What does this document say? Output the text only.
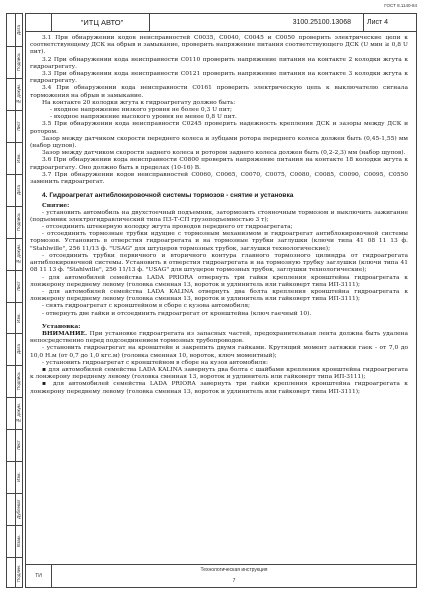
ГОСТ 8.1140-84
Дата
Подпись
№ докум.
Лист
Изм.
Дата
Подпись
№ докум.
Лист
Изм.
Дата
Подпись
№ докум.
Лист
Изм.
Дублекат
Взам.
Подлин.
"ИТЦ АВТО"	3100.25100.13068	Лист 4
ТИ
Технологическая инструкция
7

3.1 При обнаружении кодов неисправностей C0035, C0040, C0045 и C0050 проверить электрические цепи к соответствующему ДСК на обрыв и замыкание, проверить напряжение питания соответствующего ДСК (U мин ≥ 0,8 U пит).

3.2 При обнаружении кода неисправности C0110 проверить напряжение питания на контакте 2 колодки жгута к гидроагрегату.

3.3 При обнаружении кода неисправности C0121 проверить напряжение питания на контакте 3 колодки жгута к гидроагрегату.

3.4 При обнаружении кода неисправности C0161 проверить электрическую цепь к выключателю сигнала торможения на обрыв и замыкание.

На контакте 20 колодки жгута к гидроагрегату должно быть:

- входное напряжение низкого уровня не более 0,3 U пит;

- входное напряжение высокого уровня не менее 0,8 U пит.

3.5 При обнаружении кода неисправности C0245 проверить надежность крепления ДСК и зазоры между ДСК и ротором.

Зазор между датчиком скорости переднего колеса и зубцами ротора переднего колеса должен быть (0,45-1,55) мм (набор щупов).

Зазор между датчиком скорости заднего колеса и ротором заднего колеса должен быть (0,2-2,3) мм (набор щупов).

3.6 При обнаружении кода неисправности C0800 проверить напряжение питания на контакте 18 колодки жгута к гидроагрегату. Оно должно быть в пределах (10-16) В.

3.7 При обнаружении кодов неисправностей C0060, C0065, C0070, C0075, C0080, C0085, C0090, C0095, C0550 заменить гидроагрегат.

4. Гидроагрегат антиблокировочной системы тормозов - снятие и установка

Снятие:

- установить автомобиль на двухстоечный подъемник, затормозить стояночным тормозом и выключить зажигание (подъемник электрогидравлический типа П3-Т-СП грузоподъемностью 3 т);

- отсоединить штекерную колодку жгута проводов переднего от гидроагрегата;

- отсоединить тормозные трубки идущие с тормозным механизмом и гидроагрегат антиблокировочной системы тормозов. Установить в отверстия гидроагрегата и на тормозные трубки заглушки (ключи типа 41 08 11 13 ф. "Stahlwille", 256 11/13 ф. "USAG" для штуцеров тормозных трубок, заглушки технологические);

- отсоединить трубки первичного и вторичного контура главного тормозного цилиндра от гидроагрегата антиблокировочной системы. Установить в отверстия гидроагрегата и на тормозную трубку заглушки (ключи типа 41 08 11 13 ф. "Stahlwille", 256 11/13 ф. "USAG" для штуцеров тормозных трубок, заглушки технологические);

- для автомобилей семейства LADA PRIORA отвернуть три гайки крепления кронштейна гидроагрегата к лонжерону переднему левому (головка сменная 13, вороток и удлинитель или гайковерт типа ИП-3111);

- для автомобилей семейства LADA KALINA отвернуть два болта крепления кронштейна гидроагрегата к лонжерону переднему левому (головка сменная 13, вороток и удлинитель или гайковерт типа ИП-3111);

- снять гидроагрегат с кронштейном в сборе с кузова автомобиля;

- отвернуть две гайки и отсоединить гидроагрегат от кронштейна (ключ гаечный 10).

Установка:

ВНИМАНИЕ. При установке гидроагрегата из запасных частей, предохранительная лента должна быть удалена непосредственно перед подсоединением тормозных трубопроводов.

- установить гидроагрегат на кронштейн и закрепить двумя гайками. Крутящий момент затяжки гаек - от 7,0 до 10,0 Н.м (от 0,7 до 1,0 кгс.м) (головка сменная 10, вороток, ключ моментный);

- установить гидроагрегат с кронштейном в сборе на кузов автомобиля:

▪ для автомобилей семейства LADA KALINA завернуть два болта с шайбами крепления кронштейна гидроагрегата к лонжерону переднему левому (головка сменная 13, вороток и удлинитель или гайковерт типа ИП-3111);

▪ для автомобилей семейства LADA PRIORA завернуть три гайки крепления кронштейна гидроагрегата к лонжерону переднему левому (головка сменная 13, вороток и удлинитель или гайковерт типа ИП-3111);
